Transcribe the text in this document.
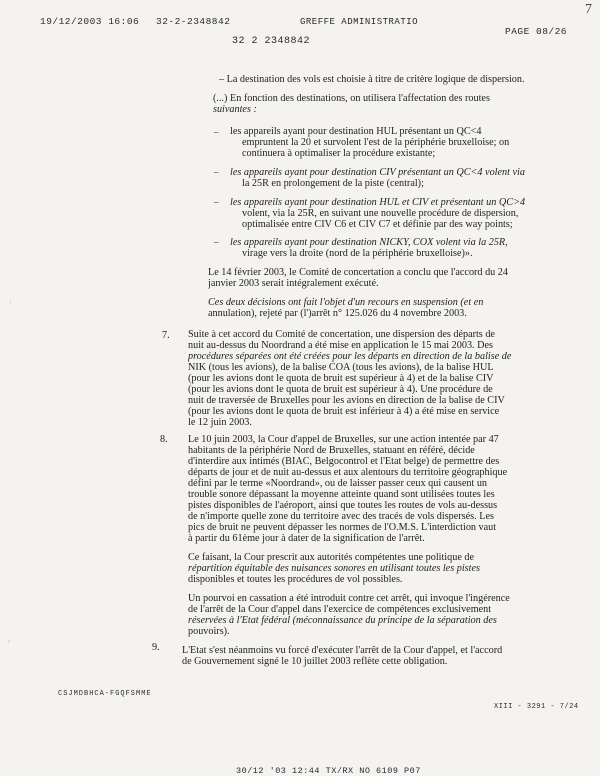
19/12/2003 16:06 32-2-2348842	GREFFE ADMINISTRATIO
PAGE 08/26
32 2 2348842
7
– La destination des vols est choisie à titre de critère logique de dispersion.
(...) En fonction des destinations, on utilisera l'affectation des routes
suivantes :
les appareils ayant pour destination HUL présentant un QC<4
empruntent la 20 et survolent l'est de la périphérie bruxelloise; on
continuera à optimaliser la procédure existante;
les appareils ayant pour destination CIV présentant un QC<4 volent via
la 25R en prolongement de la piste (central);
les appareils ayant pour destination HUL et CIV et présentant un QC>4
volent, via la 25R, en suivant une nouvelle procédure de dispersion,
optimalisée entre CIV C6 et CIV C7 et définie par des way points;
les appareils ayant pour destination NICKY, COX volent via la 25R,
virage vers la droite (nord de la périphérie bruxelloise)».
Le 14 février 2003, le Comité de concertation a conclu que l'accord du 24
janvier 2003 serait intégralement exécuté.
Ces deux décisions ont fait l'objet d'un recours en suspension (et en
annulation), rejeté par (l')arrêt n° 125.026 du 4 novembre 2003.
Suite à cet accord du Comité de concertation, une dispersion des départs de
nuit au-dessus du Noordrand a été mise en application le 15 mai 2003. Des
procédures séparées ont été créées pour les départs en direction de la balise de
NIK (tous les avions), de la balise COA (tous les avions), de la balise HUL
(pour les avions dont le quota de bruit est supérieur à 4) et de la balise CIV
(pour les avions dont le quota de bruit est supérieur à 4). Une procédure de
nuit de traversée de Bruxelles pour les avions en direction de la balise de CIV
(pour les avions dont le quota de bruit est inférieur à 4) a été mise en service
le 12 juin 2003.
Le 10 juin 2003, la Cour d'appel de Bruxelles, sur une action intentée par 47
habitants de la périphérie Nord de Bruxelles, statuant en référé, décide
d'interdire aux intimés (BIAC, Belgocontrol et l'Etat belge) de permettre des
départs de jour et de nuit au-dessus et aux alentours du territoire géographique
défini par le terme «Noordrand», ou de laisser passer ceux qui causent un
trouble sonore dépassant la moyenne atteinte quand sont utilisées toutes les
pistes disponibles de l'aéroport, ainsi que toutes les routes de vols au-dessus
de n'importe quelle zone du territoire avec des tracés de vols dispersés. Les
pics de bruit ne peuvent dépasser les normes de l'O.M.S. L'interdiction vaut
à partir du 61ème jour à dater de la signification de l'arrêt.
Ce faisant, la Cour prescrit aux autorités compétentes une politique de
répartition équitable des nuisances sonores en utilisant toutes les pistes
disponibles et toutes les procédures de vol possibles.
Un pourvoi en cassation a été introduit contre cet arrêt, qui invoque l'ingérence
de l'arrêt de la Cour d'appel dans l'exercice de compétences exclusivement
réservées à l'Etat fédéral (méconnaissance du principe de la séparation des
pouvoirs).
L'Etat s'est néanmoins vu forcé d'exécuter l'arrêt de la Cour d'appel, et l'accord
de Gouvernement signé le 10 juillet 2003 reflète cette obligation.
7.
8.
9.
–
–
–
–
CSJMDBHCA-FGQFSMME
XIII - 3291 - 7/24
30/12 '03 12:44 TX/RX NO 6109 P07
